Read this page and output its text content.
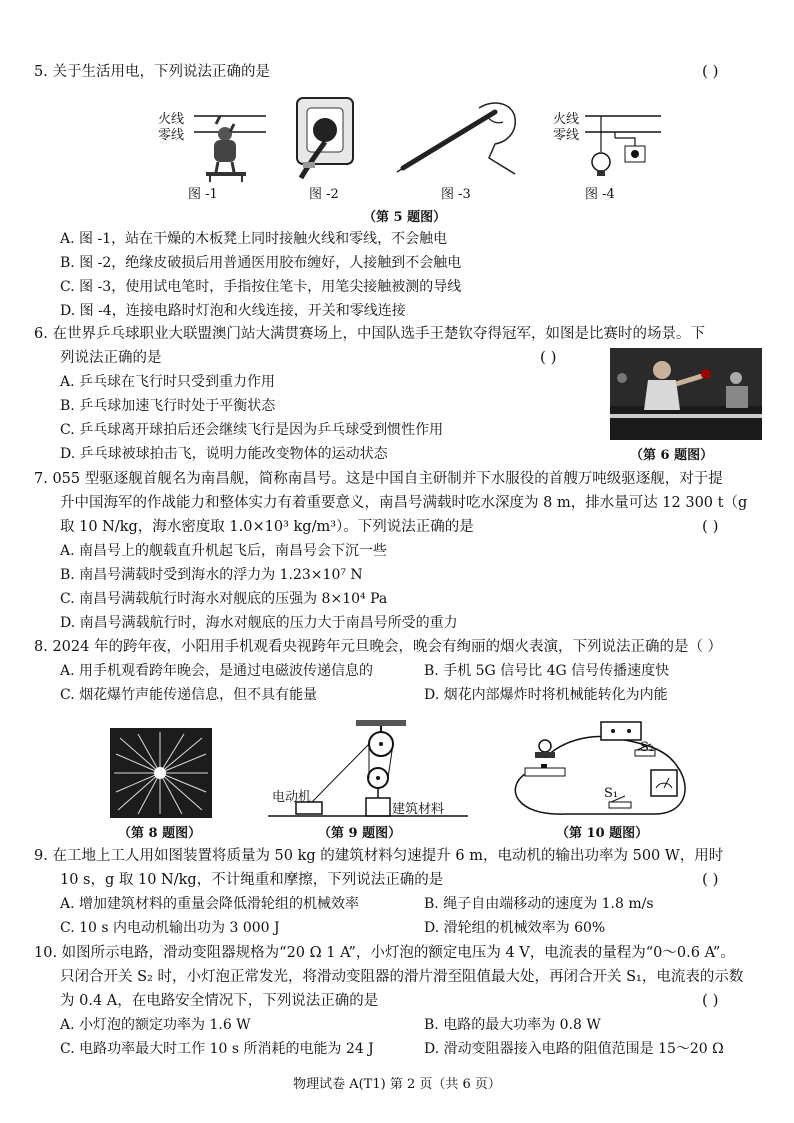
5. 关于生活用电，下列说法正确的是	( )
火线
零线
图 -1	图 -2	图 -3
火线
零线
图 -4
（第 5 题图）
A. 图 -1，站在干燥的木板凳上同时接触火线和零线，不会触电
B. 图 -2，绝缘皮破损后用普通医用胶布缠好，人接触到不会触电
C. 图 -3，使用试电笔时，手指按住笔卡，用笔尖接触被测的导线
D. 图 -4，连接电路时灯泡和火线连接，开关和零线连接
6. 在世界乒乓球职业大联盟澳门站大满贯赛场上，中国队选手王楚钦夺得冠军，如图是比赛时的场景。下
列说法正确的是	( )
A. 乒乓球在飞行时只受到重力作用
B. 乒乓球加速飞行时处于平衡状态
C. 乒乓球离开球拍后还会继续飞行是因为乒乓球受到惯性作用
D. 乒乓球被球拍击飞，说明力能改变物体的运动状态	（第 6 题图）
7. 055 型驱逐舰首舰名为南昌舰，简称南昌号。这是中国自主研制并下水服役的首艘万吨级驱逐舰，对于提
升中国海军的作战能力和整体实力有着重要意义，南昌号满载时吃水深度为 8 m，排水量可达 12 300 t（g
取 10 N/kg，海水密度取 1.0×10³ kg/m³）。下列说法正确的是	( )
A. 南昌号上的舰载直升机起飞后，南昌号会下沉一些
B. 南昌号满载时受到海水的浮力为 1.23×10⁷ N
C. 南昌号满载航行时海水对舰底的压强为 8×10⁴ Pa
D. 南昌号满载航行时，海水对舰底的压力大于南昌号所受的重力
8. 2024 年的跨年夜，小阳用手机观看央视跨年元旦晚会，晚会有绚丽的烟火表演，下列说法正确的是（ ）
A. 用手机观看跨年晚会，是通过电磁波传递信息的	B. 手机 5G 信号比 4G 信号传播速度快
C. 烟花爆竹声能传递信息，但不具有能量	D. 烟花内部爆炸时将机械能转化为内能
（第 8 题图）
电动机
建筑材料
（第 9 题图）
S₂
S₁
（第 10 题图）
9. 在工地上工人用如图装置将质量为 50 kg 的建筑材料匀速提升 6 m，电动机的输出功率为 500 W，用时
10 s，g 取 10 N/kg，不计绳重和摩擦，下列说法正确的是	( )
A. 增加建筑材料的重量会降低滑轮组的机械效率	B. 绳子自由端移动的速度为 1.8 m/s
C. 10 s 内电动机输出功为 3 000 J	D. 滑轮组的机械效率为 60%
10. 如图所示电路，滑动变阻器规格为“20 Ω 1 A”，小灯泡的额定电压为 4 V，电流表的量程为“0～0.6 A”。
只闭合开关 S₂ 时，小灯泡正常发光，将滑动变阻器的滑片滑至阻值最大处，再闭合开关 S₁，电流表的示数
为 0.4 A，在电路安全情况下，下列说法正确的是	( )
A. 小灯泡的额定功率为 1.6 W	B. 电路的最大功率为 0.8 W
C. 电路功率最大时工作 10 s 所消耗的电能为 24 J	D. 滑动变阻器接入电路的阻值范围是 15～20 Ω
物理试卷 A(T1) 第 2 页（共 6 页）
